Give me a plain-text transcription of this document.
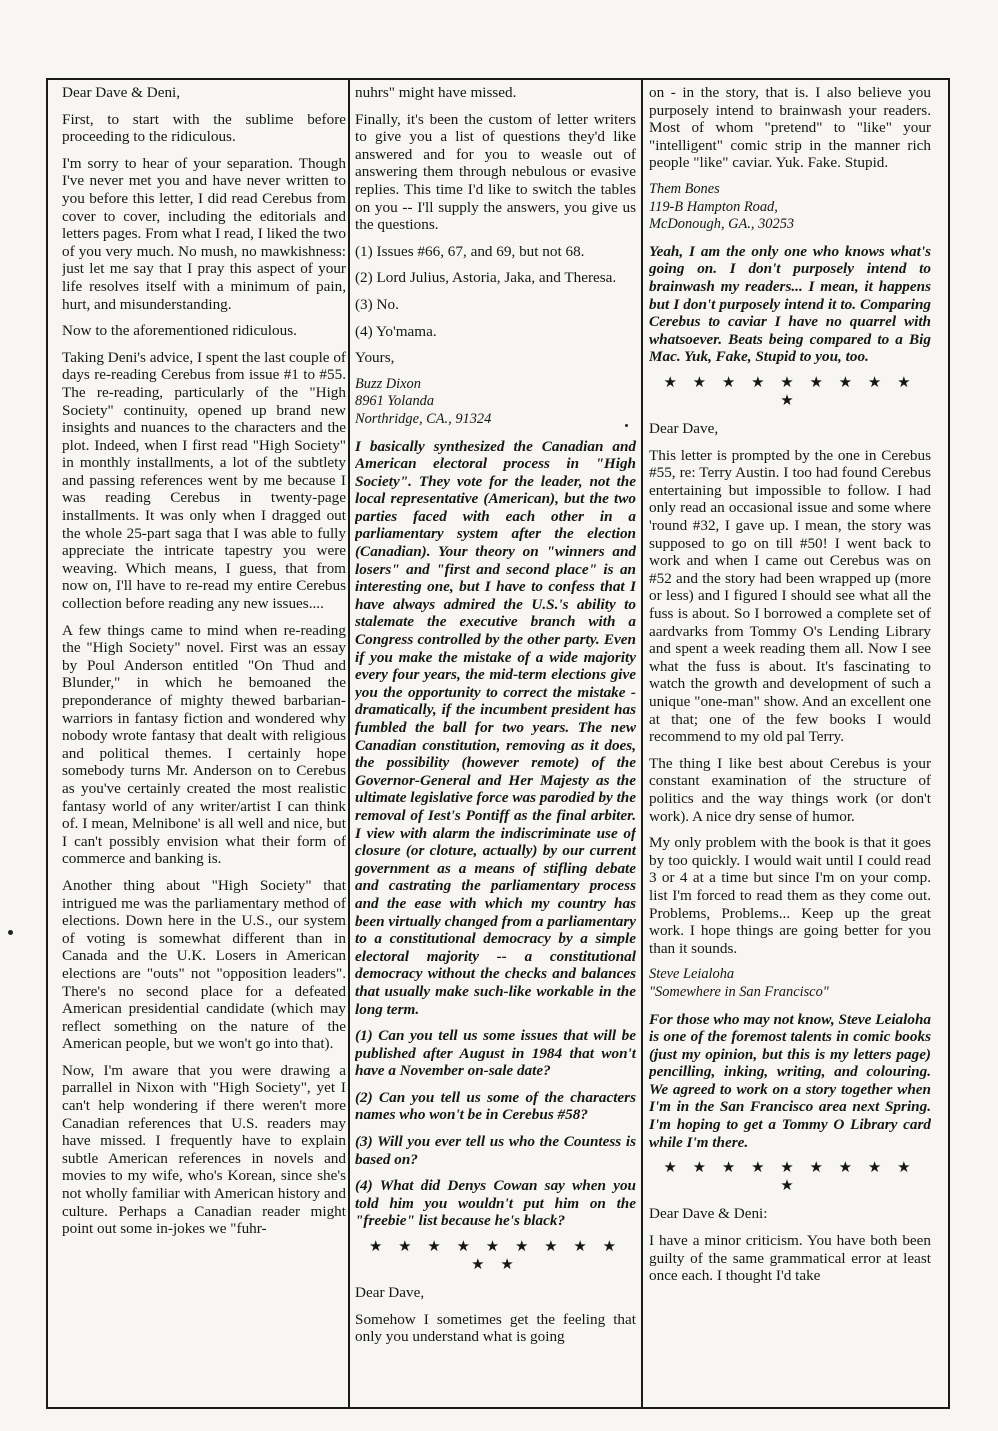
Dear Dave & Deni,

First, to start with the sublime before proceeding to the ridiculous.

I'm sorry to hear of your separation. Though I've never met you and have never written to you before this letter, I did read Cerebus from cover to cover, including the editorials and letters pages. From what I read, I liked the two of you very much. No mush, no mawkishness: just let me say that I pray this aspect of your life resolves itself with a minimum of pain, hurt, and misunderstanding.

Now to the aforementioned ridiculous.

Taking Deni's advice, I spent the last couple of days re-reading Cerebus from issue #1 to #55. The re-reading, particularly of the "High Society" continuity, opened up brand new insights and nuances to the characters and the plot. Indeed, when I first read "High Society" in monthly installments, a lot of the subtlety and passing references went by me because I was reading Cerebus in twenty-page installments. It was only when I dragged out the whole 25-part saga that I was able to fully appreciate the intricate tapestry you were weaving. Which means, I guess, that from now on, I'll have to re-read my entire Cerebus collection before reading any new issues....

A few things came to mind when re-reading the "High Society" novel. First was an essay by Poul Anderson entitled "On Thud and Blunder," in which he bemoaned the preponderance of mighty thewed barbarian-warriors in fantasy fiction and wondered why nobody wrote fantasy that dealt with religious and political themes. I certainly hope somebody turns Mr. Anderson on to Cerebus as you've certainly created the most realistic fantasy world of any writer/artist I can think of. I mean, Melnibone' is all well and nice, but I can't possibly envision what their form of commerce and banking is.

Another thing about "High Society" that intrigued me was the parliamentary method of elections. Down here in the U.S., our system of voting is somewhat different than in Canada and the U.K. Losers in American elections are "outs" not "opposition leaders". There's no second place for a defeated American presidential candidate (which may reflect something on the nature of the American people, but we won't go into that).

Now, I'm aware that you were drawing a parrallel in Nixon with "High Society", yet I can't help wondering if there weren't more Canadian references that U.S. readers may have missed. I frequently have to explain subtle American references in novels and movies to my wife, who's Korean, since she's not wholly familiar with American history and culture. Perhaps a Canadian reader might point out some in-jokes we "fuhr-

nuhrs" might have missed.

Finally, it's been the custom of letter writers to give you a list of questions they'd like answered and for you to weasle out of answering them through nebulous or evasive replies. This time I'd like to switch the tables on you -- I'll supply the answers, you give us the questions.

(1) Issues #66, 67, and 69, but not 68.

(2) Lord Julius, Astoria, Jaka, and Theresa.

(3) No.

(4) Yo'mama.

Yours,

Buzz Dixon

8961 Yolanda

Northridge, CA., 91324

I basically synthesized the Canadian and American electoral process in "High Society". They vote for the leader, not the local representative (American), but the two parties faced with each other in a parliamentary system after the election (Canadian). Your theory on "winners and losers" and "first and second place" is an interesting one, but I have to confess that I have always admired the U.S.'s ability to stalemate the executive branch with a Congress controlled by the other party. Even if you make the mistake of a wide majority every four years, the mid-term elections give you the opportunity to correct the mistake -dramatically, if the incumbent president has fumbled the ball for two years. The new Canadian constitution, removing as it does, the possibility (however remote) of the Governor-General and Her Majesty as the ultimate legislative force was parodied by the removal of Iest's Pontiff as the final arbiter. I view with alarm the indiscriminate use of closure (or cloture, actually) by our current government as a means of stifling debate and castrating the parliamentary process and the ease with which my country has been virtually changed from a parliamentary to a constitutional democracy by a simple electoral majority -- a constitutional democracy without the checks and balances that usually make such-like workable in the long term.

(1) Can you tell us some issues that will be published after August in 1984 that won't have a November on-sale date?

(2) Can you tell us some of the characters names who won't be in Cerebus #58?

(3) Will you ever tell us who the Countess is based on?

(4) What did Denys Cowan say when you told him you wouldn't put him on the "freebie" list because he's black?

★ ★ ★ ★ ★ ★ ★ ★ ★ ★ ★

Dear Dave,

Somehow I sometimes get the feeling that only you understand what is going

on - in the story, that is. I also believe you purposely intend to brainwash your readers. Most of whom "pretend" to "like" your "intelligent" comic strip in the manner rich people "like" caviar. Yuk. Fake. Stupid.

Them Bones

119-B Hampton Road,

McDonough, GA., 30253

Yeah, I am the only one who knows what's going on. I don't purposely intend to brainwash my readers... I mean, it happens but I don't purposely intend it to. Comparing Cerebus to caviar I have no quarrel with whatsoever. Beats being compared to a Big Mac. Yuk, Fake, Stupid to you, too.

★ ★ ★ ★ ★ ★ ★ ★ ★ ★

Dear Dave,

This letter is prompted by the one in Cerebus #55, re: Terry Austin. I too had found Cerebus entertaining but impossible to follow. I had only read an occasional issue and some where 'round #32, I gave up. I mean, the story was supposed to go on till #50! I went back to work and when I came out Cerebus was on #52 and the story had been wrapped up (more or less) and I figured I should see what all the fuss is about. So I borrowed a complete set of aardvarks from Tommy O's Lending Library and spent a week reading them all. Now I see what the fuss is about. It's fascinating to watch the growth and development of such a unique "one-man" show. And an excellent one at that; one of the few books I would recommend to my old pal Terry.

The thing I like best about Cerebus is your constant examination of the structure of politics and the way things work (or don't work). A nice dry sense of humor.

My only problem with the book is that it goes by too quickly. I would wait until I could read 3 or 4 at a time but since I'm on your comp. list I'm forced to read them as they come out. Problems, Problems... Keep up the great work. I hope things are going better for you than it sounds.

Steve Leialoha

"Somewhere in San Francisco"

For those who may not know, Steve Leialoha is one of the foremost talents in comic books (just my opinion, but this is my letters page) pencilling, inking, writing, and colouring. We agreed to work on a story together when I'm in the San Francisco area next Spring. I'm hoping to get a Tommy O Library card while I'm there.

★ ★ ★ ★ ★ ★ ★ ★ ★ ★

Dear Dave & Deni:

I have a minor criticism. You have both been guilty of the same grammatical error at least once each. I thought I'd take
